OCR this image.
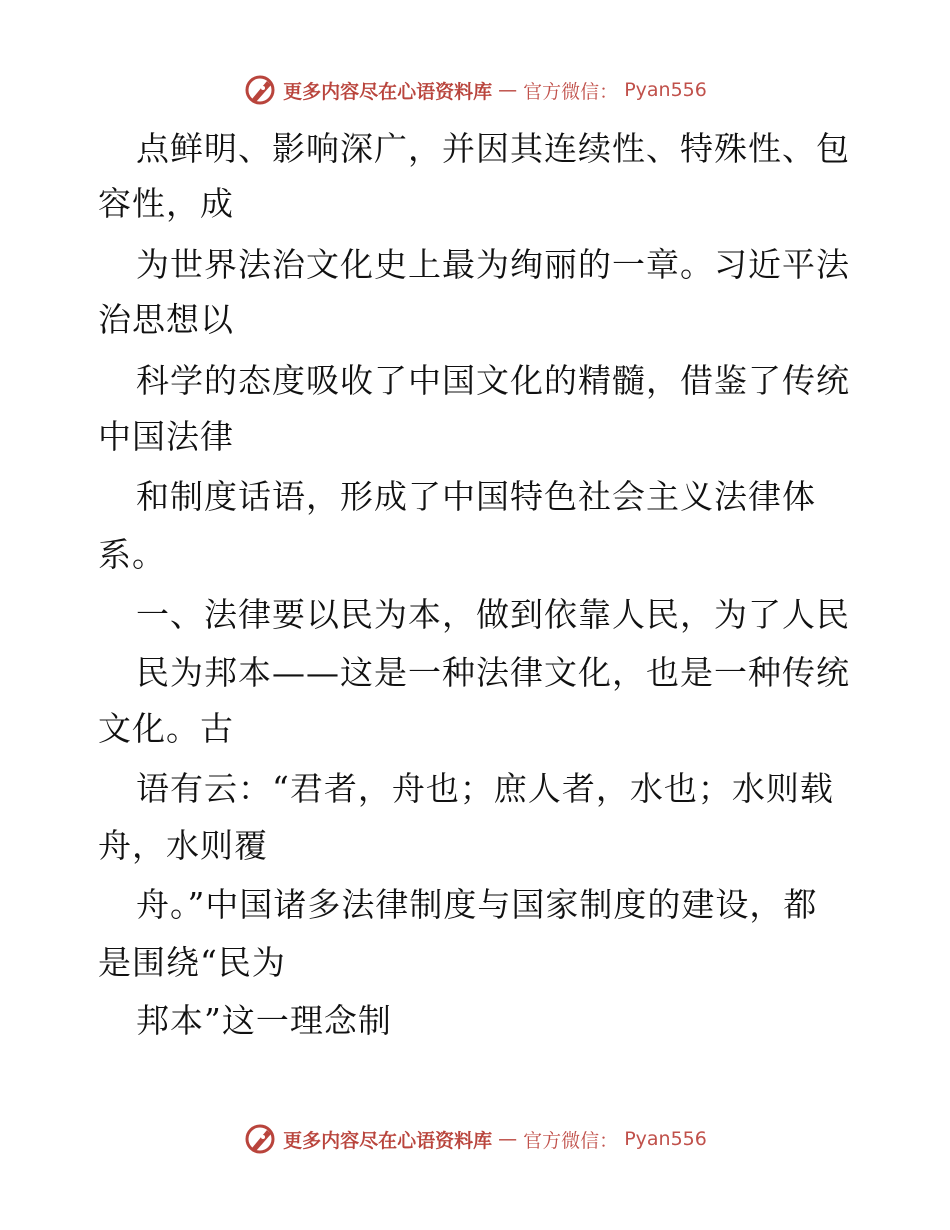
更多内容尽在心语资料库 — 官方微信： Pyan556
点鲜明、影响深广，并因其连续性、特殊性、包
容性，成
为世界法治文化史上最为绚丽的一章。习近平法
治思想以
科学的态度吸收了中国文化的精髓，借鉴了传统
中国法律
和制度话语，形成了中国特色社会主义法律体
系。
一、法律要以民为本，做到依靠人民，为了人民
民为邦本——这是一种法律文化，也是一种传统
文化。古
语有云：“君者，舟也；庶人者，水也；水则载
舟，水则覆
舟。”中国诸多法律制度与国家制度的建设，都
是围绕“民为
邦本”这一理念制
更多内容尽在心语资料库 — 官方微信： Pyan556
